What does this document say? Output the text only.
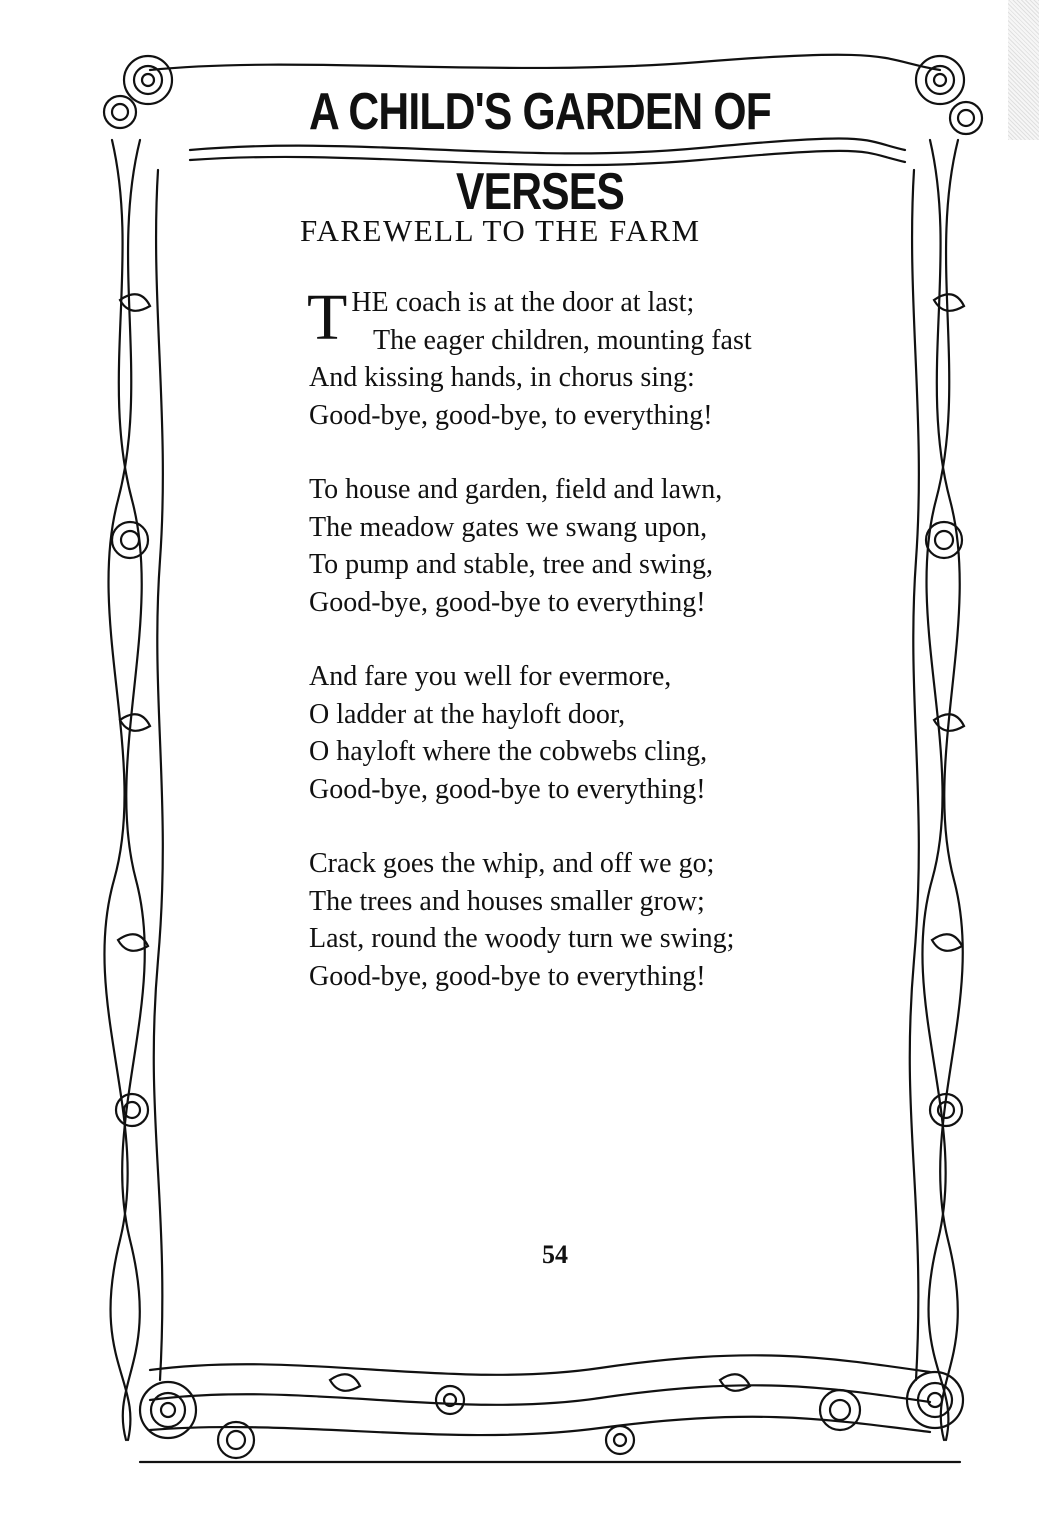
A CHILD'S GARDEN OF VERSES
FAREWELL TO THE FARM
T HE coach is at the door at last;
The eager children, mounting fast
And kissing hands, in chorus sing:
Good-bye, good-bye, to everything!
To house and garden, field and lawn,
The meadow gates we swang upon,
To pump and stable, tree and swing,
Good-bye, good-bye to everything!
And fare you well for evermore,
O ladder at the hayloft door,
O hayloft where the cobwebs cling,
Good-bye, good-bye to everything!
Crack goes the whip, and off we go;
The trees and houses smaller grow;
Last, round the woody turn we swing;
Good-bye, good-bye to everything!
54
